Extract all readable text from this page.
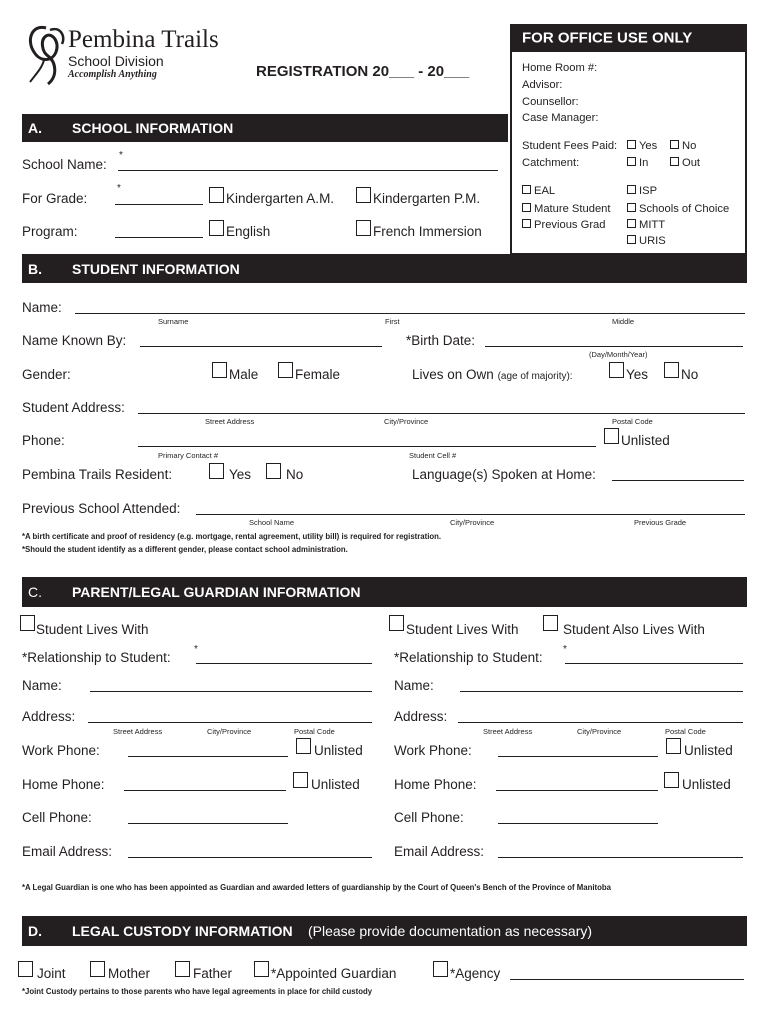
Pembina Trails
School Division
Accomplish Anything	REGISTRATION 20___ - 20___
FOR OFFICE USE ONLY
Home Room #:
Advisor:
Counsellor:
Case Manager:
Student Fees Paid:	Yes	No
Catchment:	In	Out
EAL	ISP
Mature Student	Schools of Choice
Previous Grad	MITT
URIS
A. SCHOOL INFORMATION
School Name:
*
For Grade:
*
Kindergarten A.M.	Kindergarten P.M.
Program:	English	French Immersion
B. STUDENT INFORMATION
Name:
Surname	First	Middle
Name Known By:	*Birth Date:
(Day/Month/Year)
Gender:	Male	Female	Lives on Own (age of majority):	Yes No
Student Address:
Street Address	City/Province	Postal Code
Phone:	Unlisted
Primary Contact #	Student Cell #
Pembina Trails Resident:	Yes	No	Language(s) Spoken at Home:
Previous School Attended:
School Name	City/Province	Previous Grade
*A birth certificate and proof of residency (e.g. mortgage, rental agreement, utility bill) is required for registration.
*Should the student identify as a different gender, please contact school administration.
C. PARENT/LEGAL GUARDIAN INFORMATION
Student Lives With
*Relationship to Student:
*
Name:
Address:
Street Address	City/Province	Postal Code
Work Phone:	Unlisted
Home Phone:	Unlisted
Cell Phone:
Email Address:
Student Lives With	Student Also Lives With
*Relationship to Student:
*
Name:
Address:
Street Address	City/Province	Postal Code
Work Phone:	Unlisted
Home Phone:	Unlisted
Cell Phone:
Email Address:
*A Legal Guardian is one who has been appointed as Guardian and awarded letters of guardianship by the Court of Queen's Bench of the Province of Manitoba
D. LEGAL CUSTODY INFORMATION (Please provide documentation as necessary)
Joint	Mother	Father	*Appointed Guardian	*Agency
*Joint Custody pertains to those parents who have legal agreements in place for child custody
